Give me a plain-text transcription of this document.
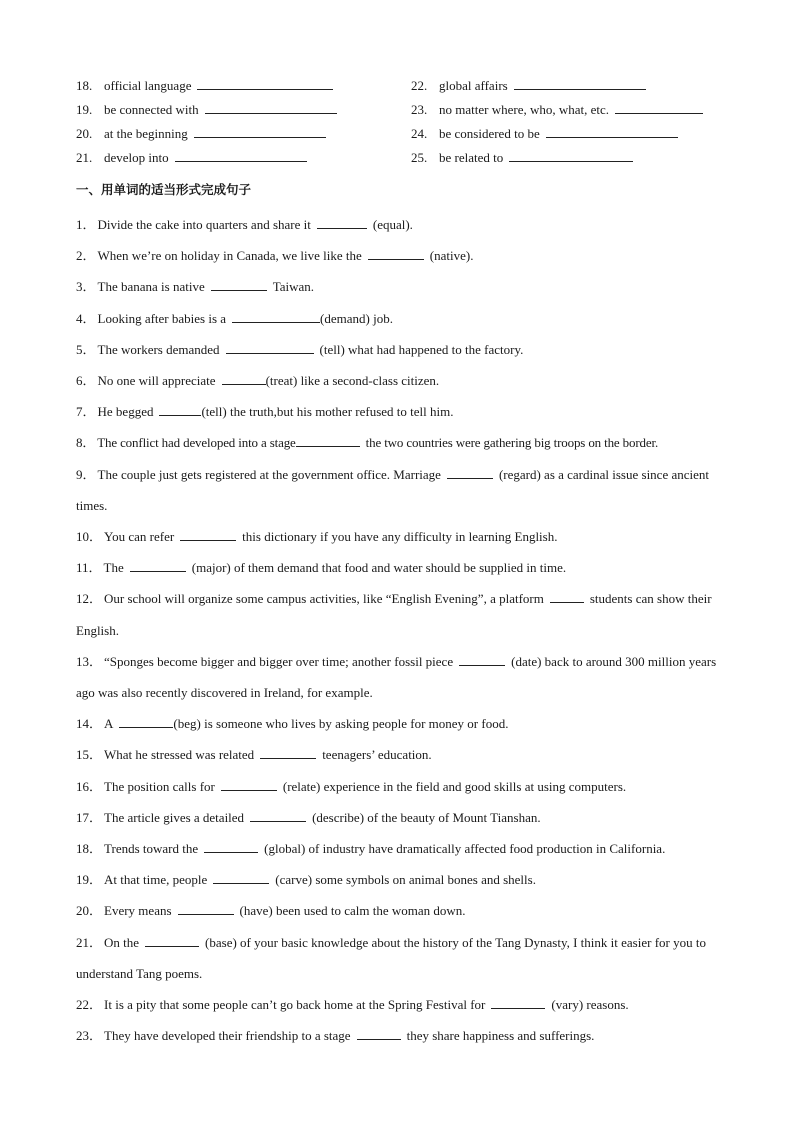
18. official language	22. global affairs
19. be connected with	23. no matter where, who, what, etc.
20. at the beginning	24. be considered to be
21. develop into	25. be related to
一、用单词的适当形式完成句子

1． Divide the cake into quarters and share it	(equal).

2． When we’re on holiday in Canada, we live like the	(native).

3． The banana is native	Taiwan.

4． Looking after babies is a	(demand) job.

5． The workers demanded	(tell) what had happened to the factory.

6． No one will appreciate	(treat) like a second-class citizen.

7． He begged	(tell) the truth,but his mother refused to tell him.

8． The conflict had developed into a stage	the two countries were gathering big troops on the border.

9． The couple just gets registered at the government office. Marriage	(regard) as a cardinal issue since ancient times.

10． You can refer	this dictionary if you have any difficulty in learning English.

11． The	(major) of them demand that food and water should be supplied in time.

12． Our school will organize some campus activities, like “English Evening”, a platform	students can show their English.

13． “Sponges become bigger and bigger over time; another fossil piece	(date) back to around 300 million years ago was also recently discovered in Ireland, for example.

14． A	(beg) is someone who lives by asking people for money or food.

15． What he stressed was related	teenagers’ education.

16． The position calls for	(relate) experience in the field and good skills at using computers.

17． The article gives a detailed	(describe) of the beauty of Mount Tianshan.

18． Trends toward the	(global) of industry have dramatically affected food production in California.

19． At that time, people	(carve) some symbols on animal bones and shells.

20． Every means	(have) been used to calm the woman down.

21． On the	(base) of your basic knowledge about the history of the Tang Dynasty, I think it easier for you to understand Tang poems.

22． It is a pity that some people can’t go back home at the Spring Festival for	(vary) reasons.

23． They have developed their friendship to a stage	they share happiness and sufferings.
